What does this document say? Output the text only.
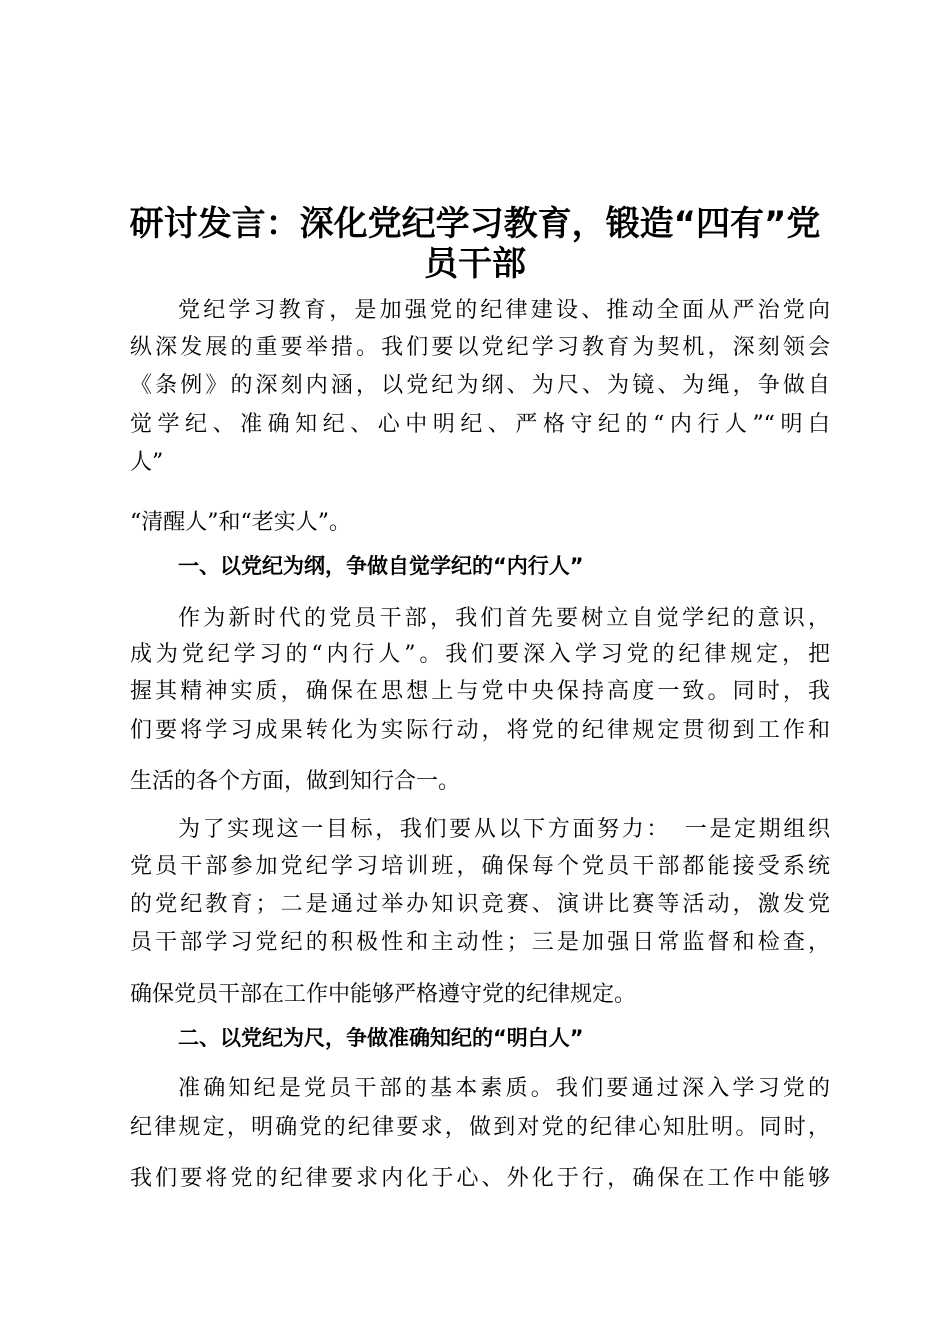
研讨发言：深化党纪学习教育，锻造“四有”党
员干部
党纪学习教育，是加强党的纪律建设、推动全面从严治党向
纵深发展的重要举措。我们要以党纪学习教育为契机，深刻领会
《条例》的深刻内涵，以党纪为纲、为尺、为镜、为绳，争做自
觉学纪、准确知纪、心中明纪、严格守纪的“内行人”“明白
人”
“清醒人”和“老实人”。
一、以党纪为纲，争做自觉学纪的“内行人”
作为新时代的党员干部，我们首先要树立自觉学纪的意识，
成为党纪学习的“内行人”。我们要深入学习党的纪律规定，把
握其精神实质，确保在思想上与党中央保持高度一致。同时，我
们要将学习成果转化为实际行动，将党的纪律规定贯彻到工作和
生活的各个方面，做到知行合一。
为了实现这一目标，我们要从以下方面努力：　一是定期组织
党员干部参加党纪学习培训班，确保每个党员干部都能接受系统
的党纪教育；二是通过举办知识竞赛、演讲比赛等活动，激发党
员干部学习党纪的积极性和主动性；三是加强日常监督和检查，
确保党员干部在工作中能够严格遵守党的纪律规定。
二、以党纪为尺，争做准确知纪的“明白人”
准确知纪是党员干部的基本素质。我们要通过深入学习党的
纪律规定，明确党的纪律要求，做到对党的纪律心知肚明。同时，
我们要将党的纪律要求内化于心、外化于行，确保在工作中能够
